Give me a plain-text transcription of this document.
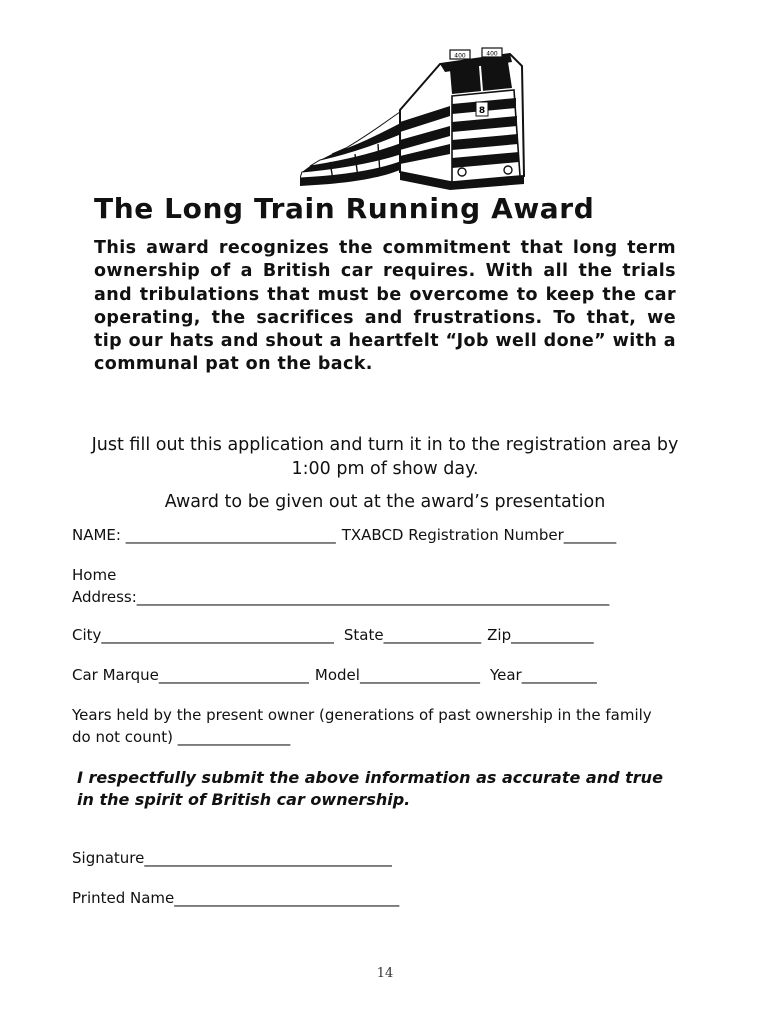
400	400
8
The Long Train Running Award

This award recognizes the commitment that long term ownership of a British car requires. With all the trials and tribulations that must be overcome to keep the car operating, the sacrifices and frustrations. To that, we tip our hats and shout a heartfelt “Job well done” with a communal pat on the back.

Just fill out this application and turn it in to the registration area by 1:00 pm of show day.

Award to be given out at the award’s presentation

NAME: ____________________________ TXABCD Registration Number_______
Home
Address:_______________________________________________________________
City_______________________________ State_____________ Zip___________
Car Marque____________________ Model________________ Year__________
Years held by the present owner (generations of past ownership in the family
do not count) _______________
I respectfully submit the above information as accurate and true
in the spirit of British car ownership.
Signature_________________________________
Printed Name______________________________
14
